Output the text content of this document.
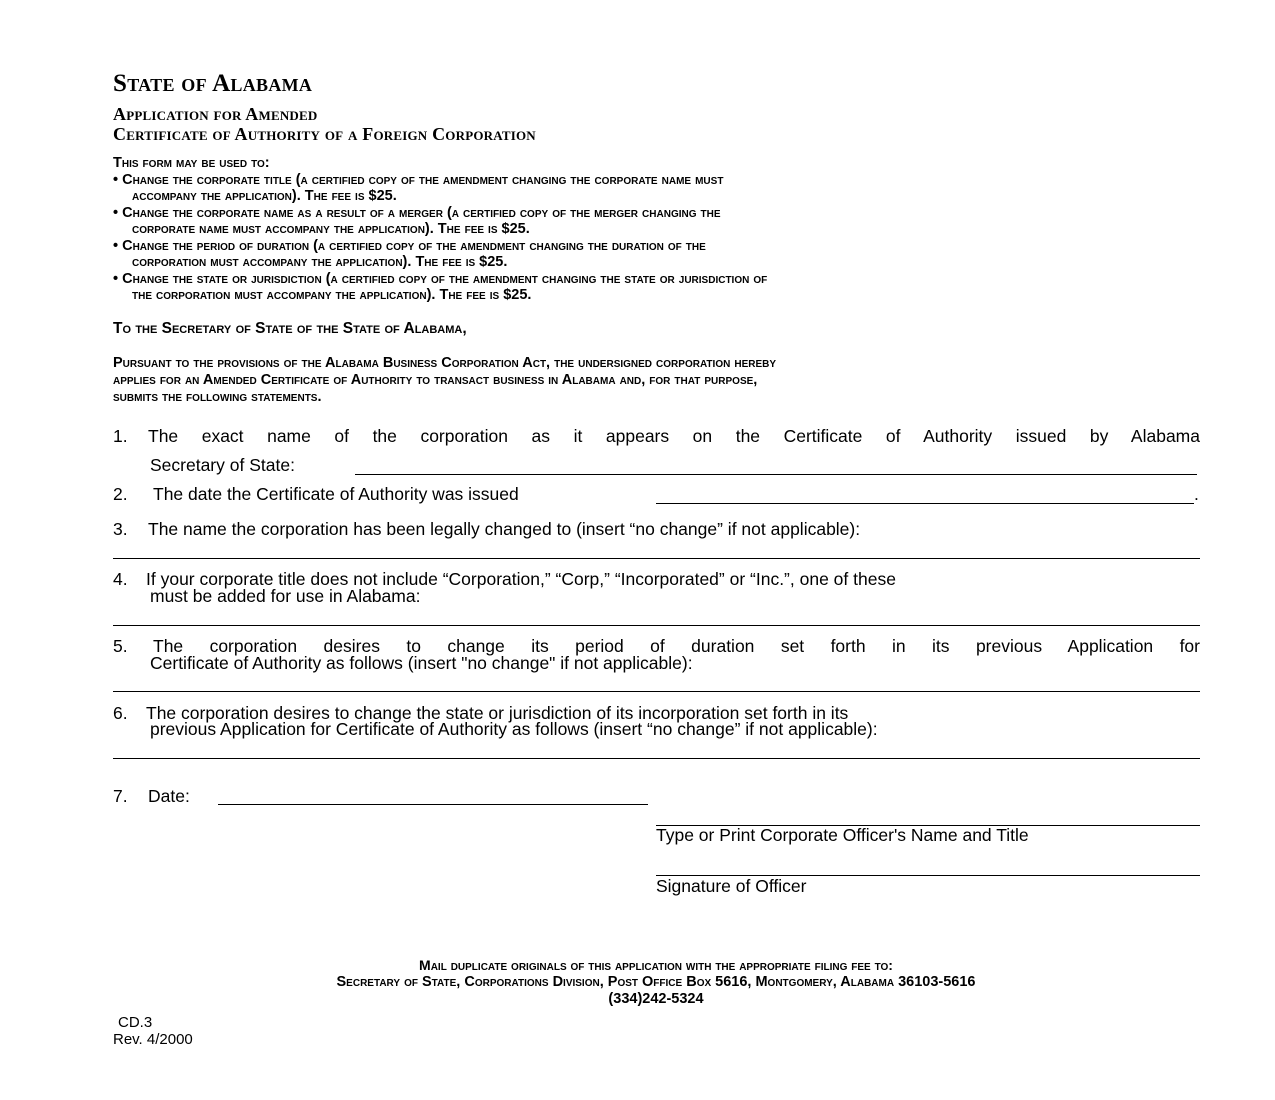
State of Alabama
Application for Amended
Certificate of Authority of a Foreign Corporation
This form may be used to:
• Change the corporate title (a certified copy of the amendment changing the corporate name must
accompany the application). The fee is $25.
• Change the corporate name as a result of a merger (a certified copy of the merger changing the
corporate name must accompany the application). The fee is $25.
• Change the period of duration (a certified copy of the amendment changing the duration of the
corporation must accompany the application). The fee is $25.
• Change the state or jurisdiction (a certified copy of the amendment changing the state or jurisdiction of
the corporation must accompany the application). The fee is $25.
To the Secretary of State of the State of Alabama,
Pursuant to the provisions of the Alabama Business Corporation Act, the undersigned corporation hereby
applies for an Amended Certificate of Authority to transact business in Alabama and, for that purpose,
submits the following statements.
1. The exact name of the corporation as it appears on the Certificate of Authority issued by Alabama
Secretary of State:
2. The date the Certificate of Authority was issued	.
3. The name the corporation has been legally changed to (insert “no change” if not applicable):
4. If your corporate title does not include “Corporation,” “Corp,” “Incorporated” or “Inc.”, one of these
must be added for use in Alabama:
5. The corporation desires to change its period of duration set forth in its previous Application for
Certificate of Authority as follows (insert "no change" if not applicable):
6. The corporation desires to change the state or jurisdiction of its incorporation set forth in its
previous Application for Certificate of Authority as follows (insert “no change” if not applicable):
7. Date:
Type or Print Corporate Officer's Name and Title
Signature of Officer
Mail duplicate originals of this application with the appropriate filing fee to:
Secretary of State, Corporations Division, Post Office Box 5616, Montgomery, Alabama 36103-5616
(334)242-5324
CD.3
Rev. 4/2000
